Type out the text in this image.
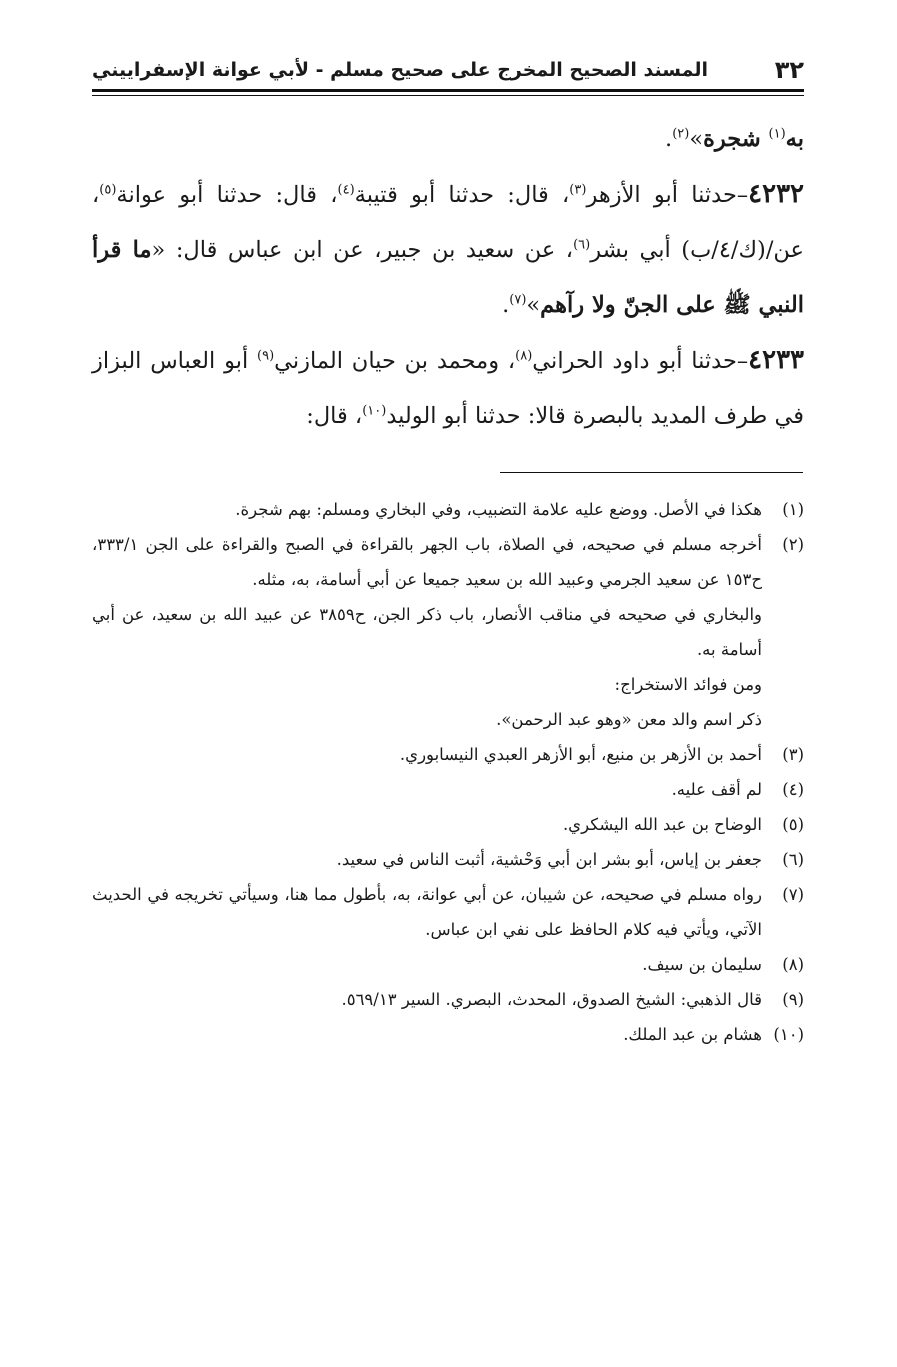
٣٢
المسند الصحيح المخرج على صحيح مسلم - لأبي عوانة الإسفراييني

به$^{(١)}$ شجرة»$^{(٢)}$.

٤٢٣٢–حدثنا أبو الأزهر$^{(٣)}$، قال: حدثنا أبو قتيبة$^{(٤)}$، قال: حدثنا أبو عوانة$^{(٥)}$، عن/(ك/٤/ب) أبي بشر$^{(٦)}$، عن سعيد بن جبير، عن ابن عباس قال: «ما قرأ النبي ﷺ على الجنّ ولا رآهم»$^{(٧)}$.

٤٢٣٣–حدثنا أبو داود الحراني$^{(٨)}$، ومحمد بن حيان المازني$^{(٩)}$ أبو العباس البزاز في طرف المديد بالبصرة قالا: حدثنا أبو الوليد$^{(١٠)}$، قال:

(١)
هكذا في الأصل. ووضع عليه علامة التضبيب، وفي البخاري ومسلم: بهم شجرة.
(٢)
أخرجه مسلم في صحيحه، في الصلاة، باب الجهر بالقراءة في الصبح والقراءة على الجن ٣٣٣/١، ح١٥٣ عن سعيد الجرمي وعبيد الله بن سعيد جميعا عن أبي أسامة، به، مثله.
والبخاري في صحيحه في مناقب الأنصار، باب ذكر الجن، ح٣٨٥٩ عن عبيد الله بن سعيد، عن أبي أسامة به.
ومن فوائد الاستخراج:
ذكر اسم والد معن «وهو عبد الرحمن».
(٣)
أحمد بن الأزهر بن منيع، أبو الأزهر العبدي النيسابوري.
(٤)
لم أقف عليه.
(٥)
الوضاح بن عبد الله اليشكري.
(٦)
جعفر بن إياس، أبو بشر ابن أبي وَحْشية، أثبت الناس في سعيد.
(٧)
رواه مسلم في صحيحه، عن شيبان، عن أبي عوانة، به، بأطول مما هنا، وسيأتي تخريجه في الحديث الآتي، ويأتي فيه كلام الحافظ على نفي ابن عباس.
(٨)
سليمان بن سيف.
(٩)
قال الذهبي: الشيخ الصدوق، المحدث، البصري. السير ٥٦٩/١٣.
(١٠)
هشام بن عبد الملك.
